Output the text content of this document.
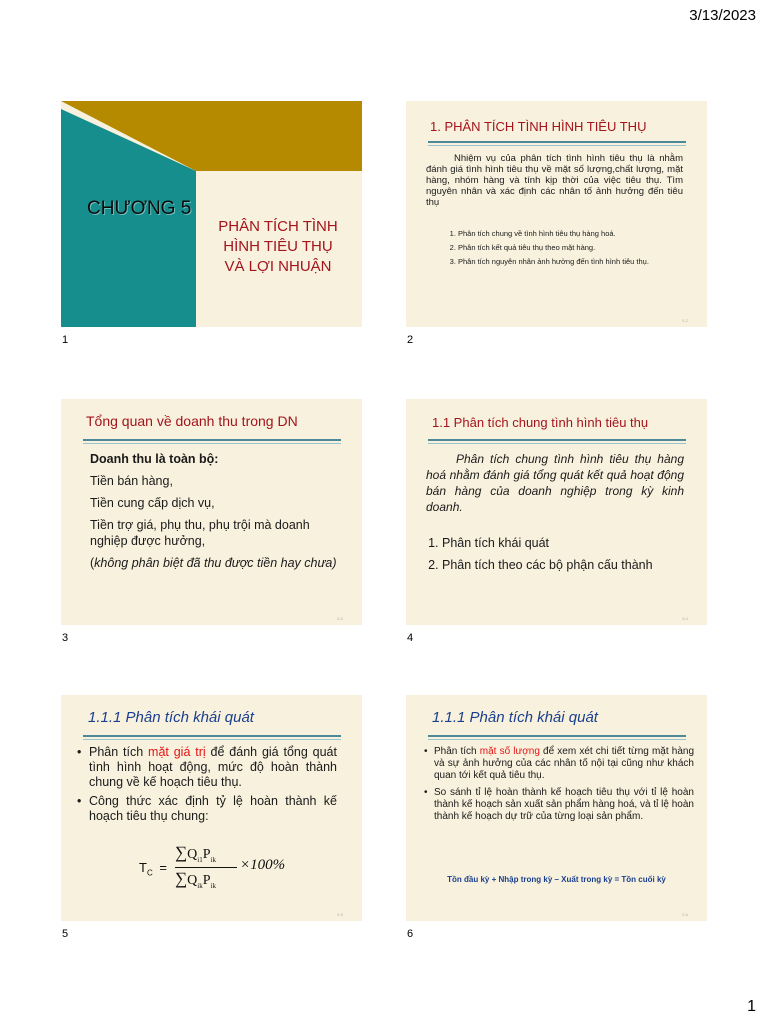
3/13/2023
CHƯƠNG 5
PHÂN TÍCH TÌNH
HÌNH TIÊU THỤ
VÀ LỢI NHUẬN
1
1. PHÂN TÍCH TÌNH HÌNH TIÊU THỤ
Nhiệm vụ của phân tích tình hình tiêu thụ là nhằm đánh giá tình hình tiêu thụ về mặt số lượng,chất lượng, mặt hàng, nhóm hàng và tính kịp thời của việc tiêu thụ. Tìm nguyên nhân và xác định các nhân tố ảnh hưởng đến tiêu thụ
1. Phân tích chung về tình hình tiêu thụ hàng hoá.
2. Phân tích kết quả tiêu thụ theo mặt hàng.
3. Phân tích nguyên nhân ảnh hưởng đến tình hình tiêu thụ.
5-2
2
Tổng quan về doanh thu trong DN
Doanh thu là toàn bộ:
Tiền bán hàng,
Tiền cung cấp dịch vụ,
Tiền trợ giá, phụ thu, phụ trội mà doanh nghiệp được hưởng,
(không phân biệt đã thu được tiền hay chưa)
5-3
3
1.1 Phân tích chung tình hình tiêu thụ
Phân tích chung tình hình tiêu thụ hàng hoá nhằm đánh giá tổng quát kết quả hoạt động bán hàng của doanh nghiệp trong kỳ kinh doanh.
1. Phân tích khái quát
2. Phân tích theo các bộ phận cấu thành
5-4
4
1.1.1 Phân tích khái quát
• Phân tích mặt giá trị để đánh giá tổng quát tình hình hoạt động, mức độ hoàn thành chung về kế hoạch tiêu thụ.
• Công thức xác định tỷ lệ hoàn thành kế hoạch tiêu thụ chung:
$T_C$ =
$\sum Q_{i1}P_{ik}$
$\sum Q_{ik}P_{ik}$
×100%
5-5
5
1.1.1 Phân tích khái quát
• Phân tích mặt số lượng để xem xét chi tiết từng mặt hàng và sự ảnh hưởng của các nhân tố nội tại cũng như khách quan tới kết quả tiêu thụ.
• So sánh tỉ lệ hoàn thành kế hoạch tiêu thụ với tỉ lệ hoàn thành kế hoạch sản xuất sản phẩm hàng hoá, và tỉ lệ hoàn thành kế hoạch dự trữ của từng loại sản phẩm.
Tồn đầu kỳ + Nhập trong kỳ – Xuất trong kỳ = Tồn cuối kỳ
5-6
6
1
